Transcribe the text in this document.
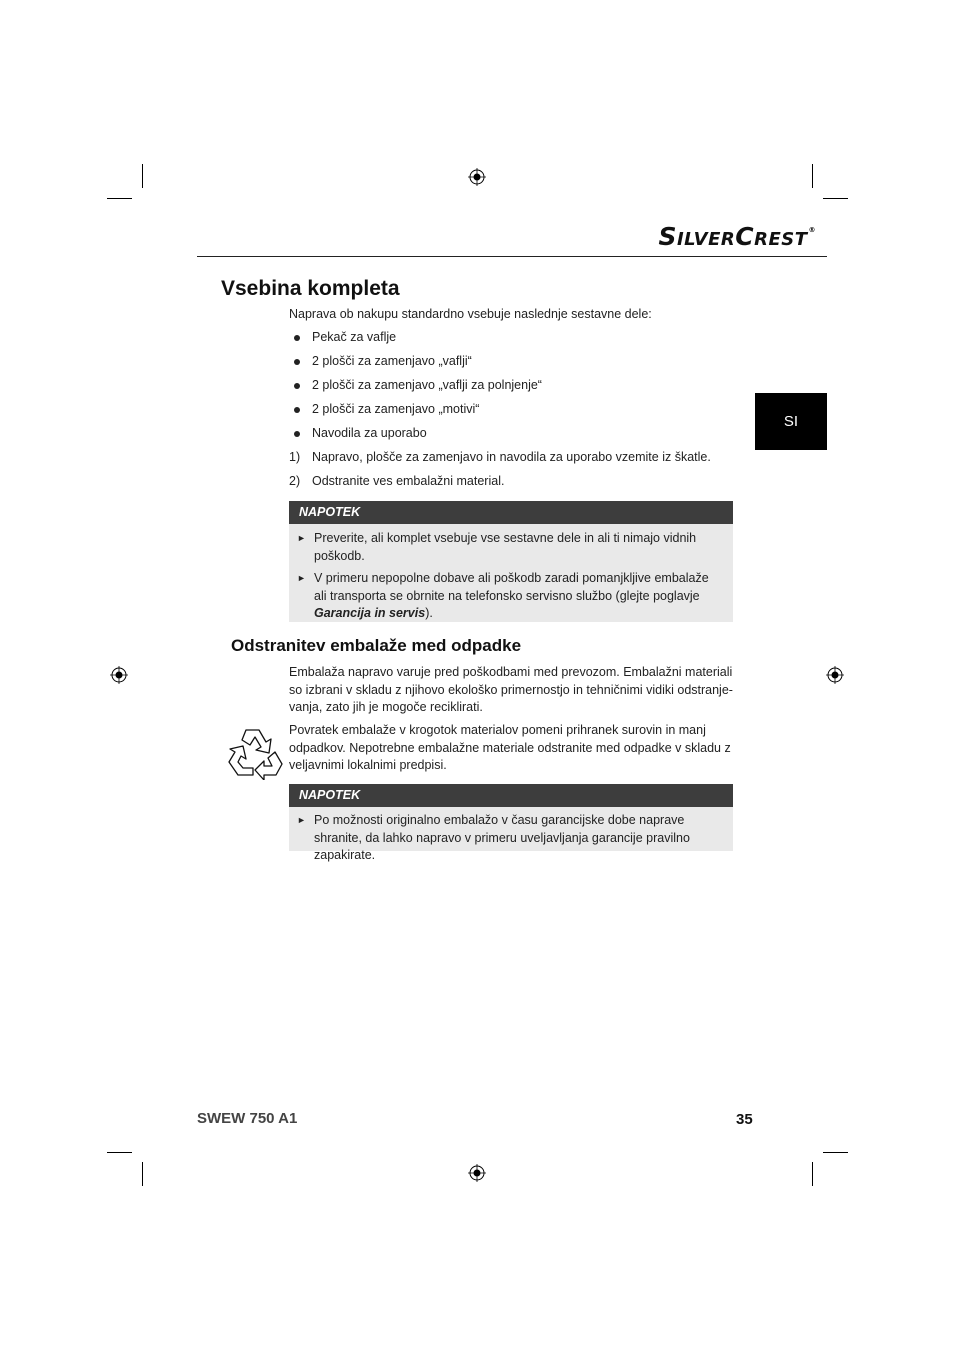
SILVERCREST®
SI
Vsebina kompleta
Naprava ob nakupu standardno vsebuje naslednje sestavne dele:
Pekač za vaflje
2 plošči za zamenjavo „vaflji“
2 plošči za zamenjavo „vaflji za polnjenje“
2 plošči za zamenjavo „motivi“
Navodila za uporabo
1) Napravo, plošče za zamenjavo in navodila za uporabo vzemite iz škatle.
2) Odstranite ves embalažni material.
NAPOTEK
► Preverite, ali komplet vsebuje vse sestavne dele in ali ti nimajo vidnih poškodb.
► V primeru nepopolne dobave ali poškodb zaradi pomanjkljive embalaže ali transporta se obrnite na telefonsko servisno službo (glejte poglavje Garancija in servis).
Odstranitev embalaže med odpadke
Embalaža napravo varuje pred poškodbami med prevozom. Embalažni materiali so izbrani v skladu z njihovo ekološko primernostjo in tehničnimi vidiki odstranje-vanja, zato jih je mogoče reciklirati.
Povratek embalaže v krogotok materialov pomeni prihranek surovin in manj odpadkov. Nepotrebne embalažne materiale odstranite med odpadke v skladu z veljavnimi lokalnimi predpisi.
NAPOTEK
► Po možnosti originalno embalažo v času garancijske dobe naprave shranite, da lahko napravo v primeru uveljavljanja garancije pravilno zapakirate.
SWEW 750 A1	35
